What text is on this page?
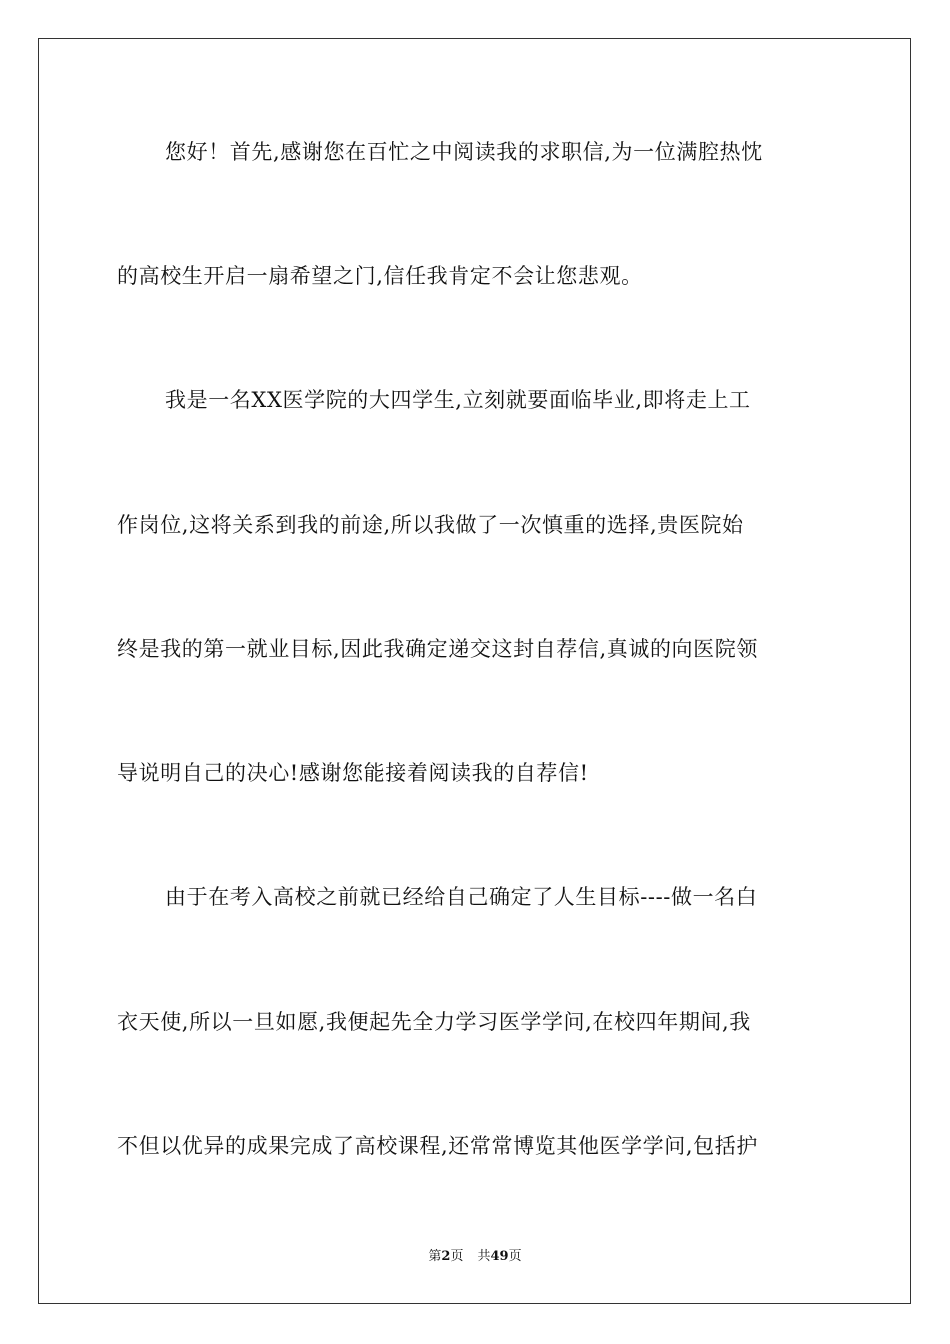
您好！首先,感谢您在百忙之中阅读我的求职信,为一位满腔热忱
的高校生开启一扇希望之门,信任我肯定不会让您悲观。
我是一名XX医学院的大四学生,立刻就要面临毕业,即将走上工
作岗位,这将关系到我的前途,所以我做了一次慎重的选择,贵医院始
终是我的第一就业目标,因此我确定递交这封自荐信,真诚的向医院领
导说明自己的决心!感谢您能接着阅读我的自荐信!
由于在考入高校之前就已经给自己确定了人生目标----做一名白
衣天使,所以一旦如愿,我便起先全力学习医学学问,在校四年期间,我
不但以优异的成果完成了高校课程,还常常博览其他医学学问,包括护
第2页 共49页
